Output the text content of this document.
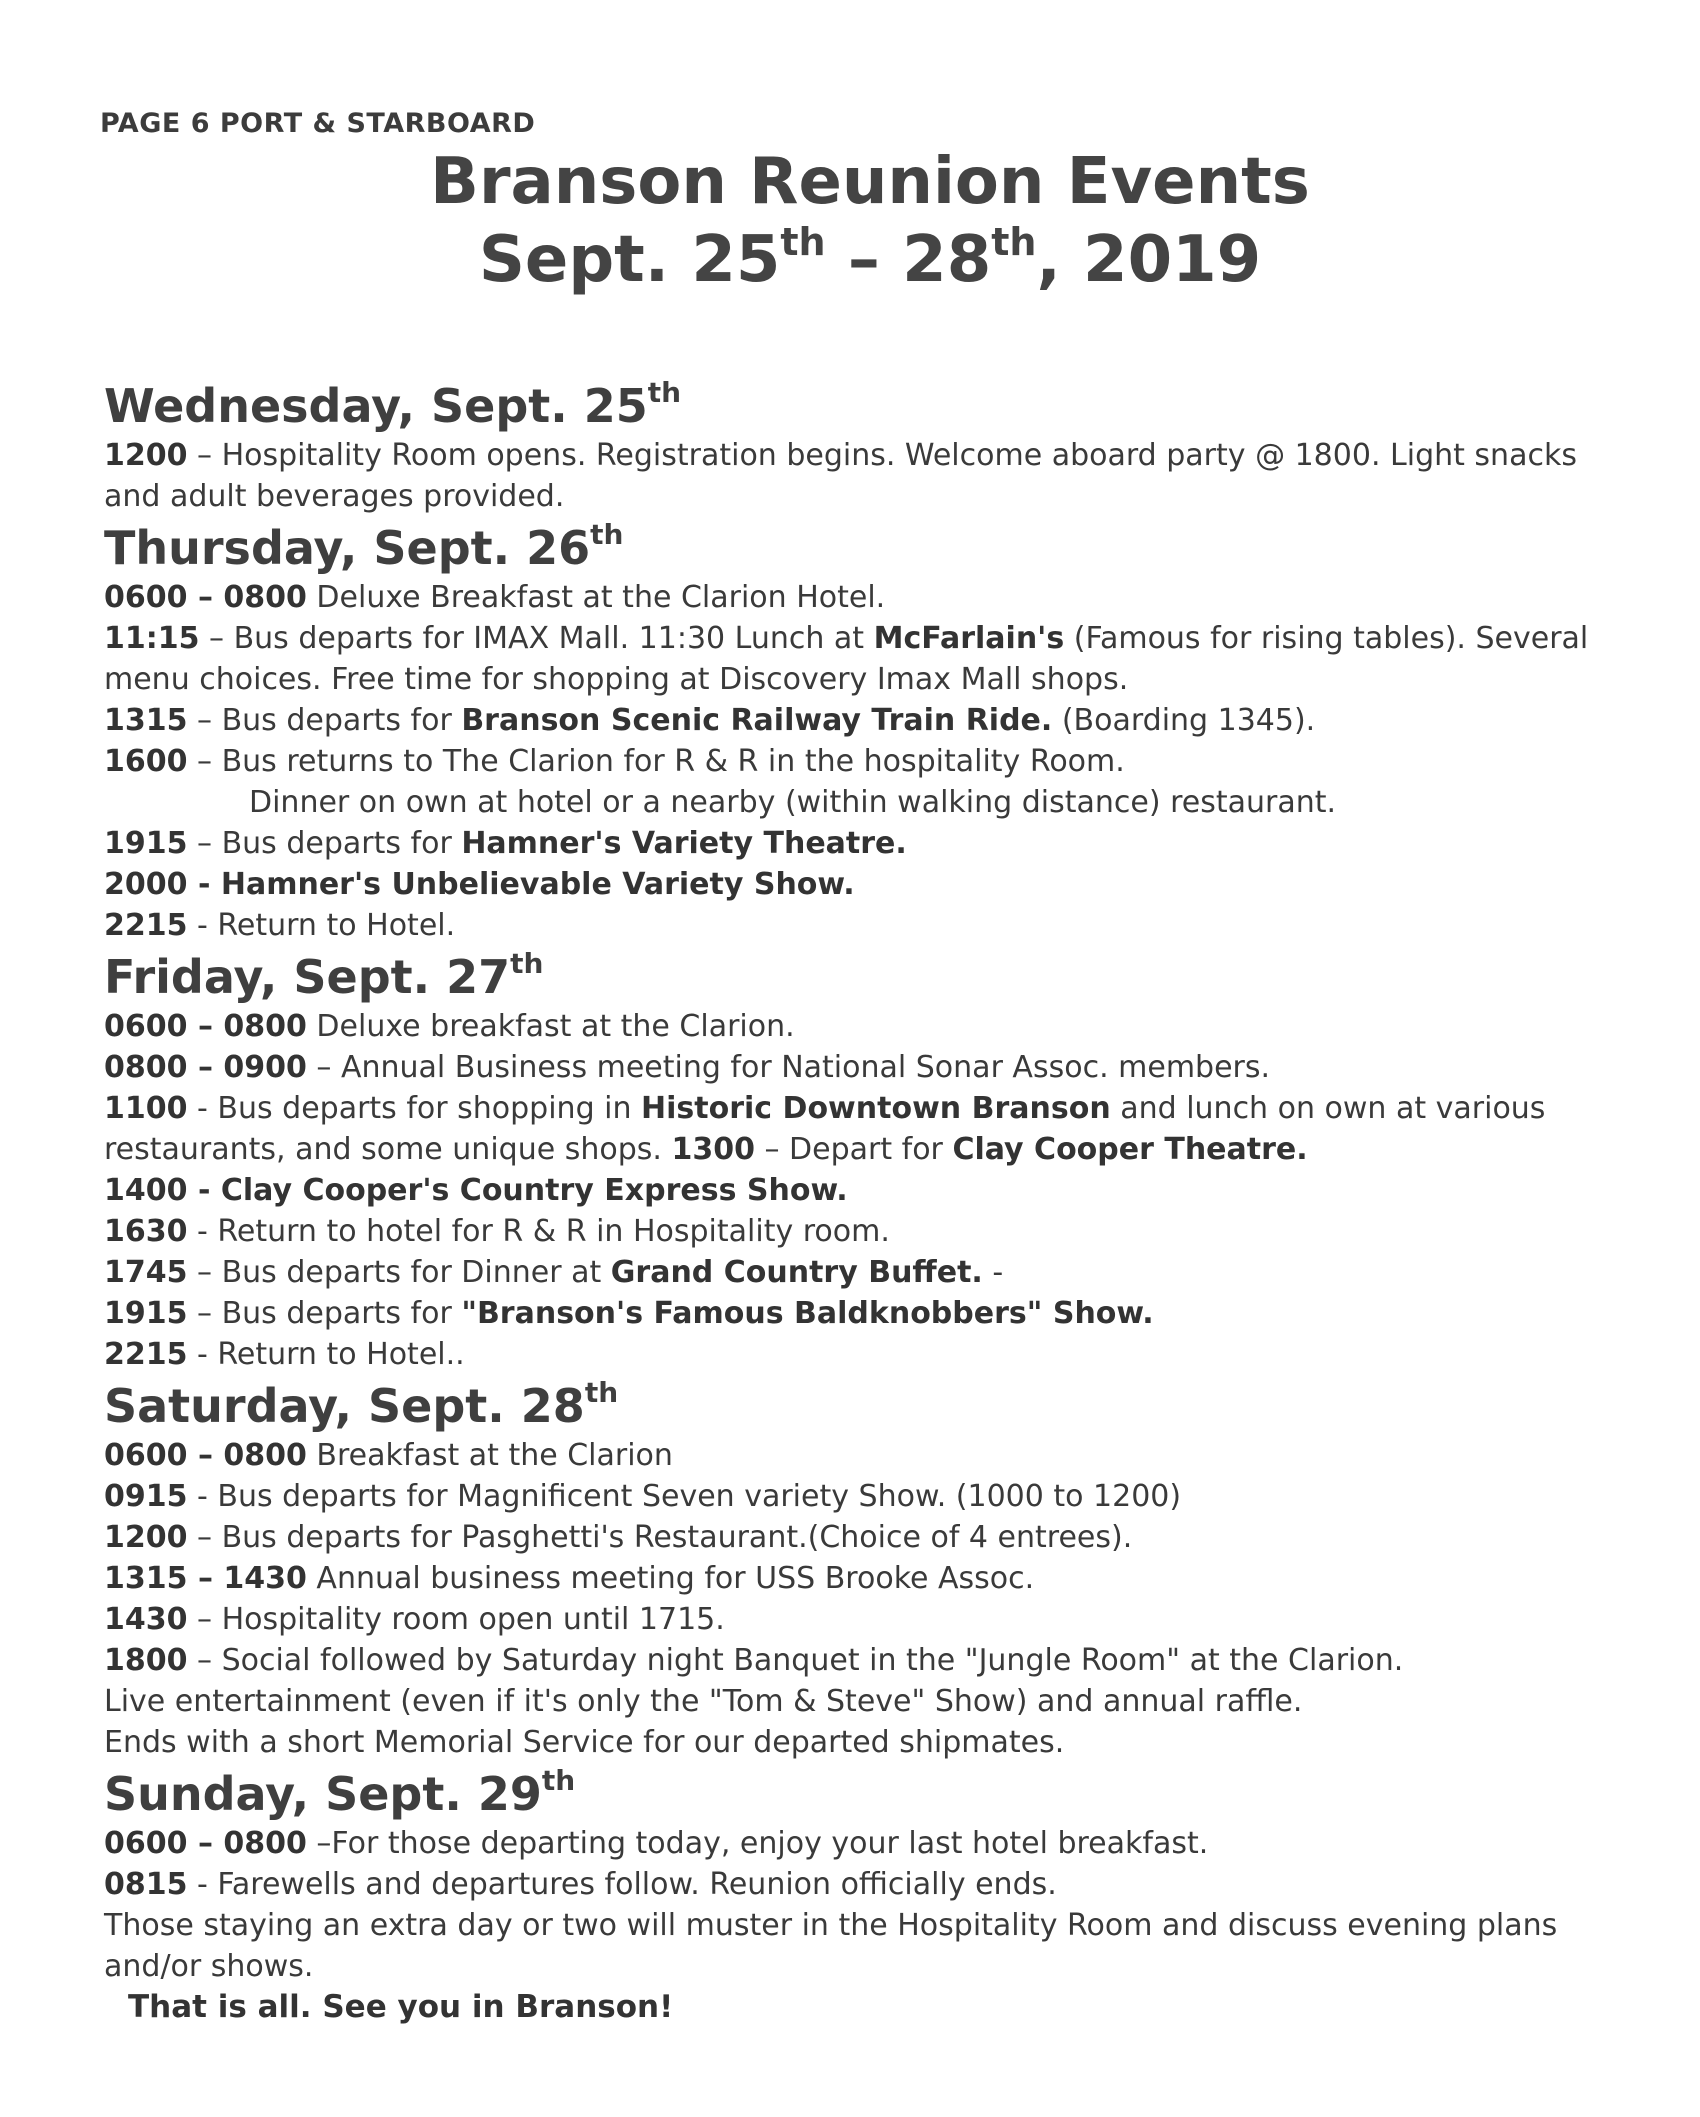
PAGE 6 PORT & STARBOARD
Branson Reunion Events
Sept. 25th – 28th, 2019
Wednesday, Sept. 25th
1200 – Hospitality Room opens. Registration begins. Welcome aboard party @ 1800. Light snacks and adult beverages provided.
Thursday, Sept. 26th
0600 – 0800 Deluxe Breakfast at the Clarion Hotel.
11:15 – Bus departs for IMAX Mall. 11:30 Lunch at McFarlain's (Famous for rising tables). Several menu choices. Free time for shopping at Discovery Imax Mall shops.
1315 – Bus departs for Branson Scenic Railway Train Ride. (Boarding 1345).
1600 – Bus returns to The Clarion for R & R in the hospitality Room.
Dinner on own at hotel or a nearby (within walking distance) restaurant.
1915 – Bus departs for Hamner's Variety Theatre.
2000 - Hamner's Unbelievable Variety Show.
2215 - Return to Hotel.
Friday, Sept. 27th
0600 – 0800 Deluxe breakfast at the Clarion.
0800 – 0900 – Annual Business meeting for National Sonar Assoc. members.
1100 - Bus departs for shopping in Historic Downtown Branson and lunch on own at various restaurants, and some unique shops. 1300 – Depart for Clay Cooper Theatre.
1400 - Clay Cooper's Country Express Show.
1630 - Return to hotel for R & R in Hospitality room.
1745 – Bus departs for Dinner at Grand Country Buffet. -
1915 – Bus departs for "Branson's Famous Baldknobbers" Show.
2215 - Return to Hotel..
Saturday, Sept. 28th
0600 – 0800 Breakfast at the Clarion
0915 - Bus departs for Magnificent Seven variety Show. (1000 to 1200)
1200 – Bus departs for Pasghetti's Restaurant.(Choice of 4 entrees).
1315 – 1430 Annual business meeting for USS Brooke Assoc.
1430 – Hospitality room open until 1715.
1800 – Social followed by Saturday night Banquet in the "Jungle Room" at the Clarion.
Live entertainment (even if it's only the "Tom & Steve" Show) and annual raffle.
Ends with a short Memorial Service for our departed shipmates.
Sunday, Sept. 29th
0600 – 0800 –For those departing today, enjoy your last hotel breakfast.
0815 - Farewells and departures follow. Reunion officially ends.
Those staying an extra day or two will muster in the Hospitality Room and discuss evening plans and/or shows.
That is all. See you in Branson!
